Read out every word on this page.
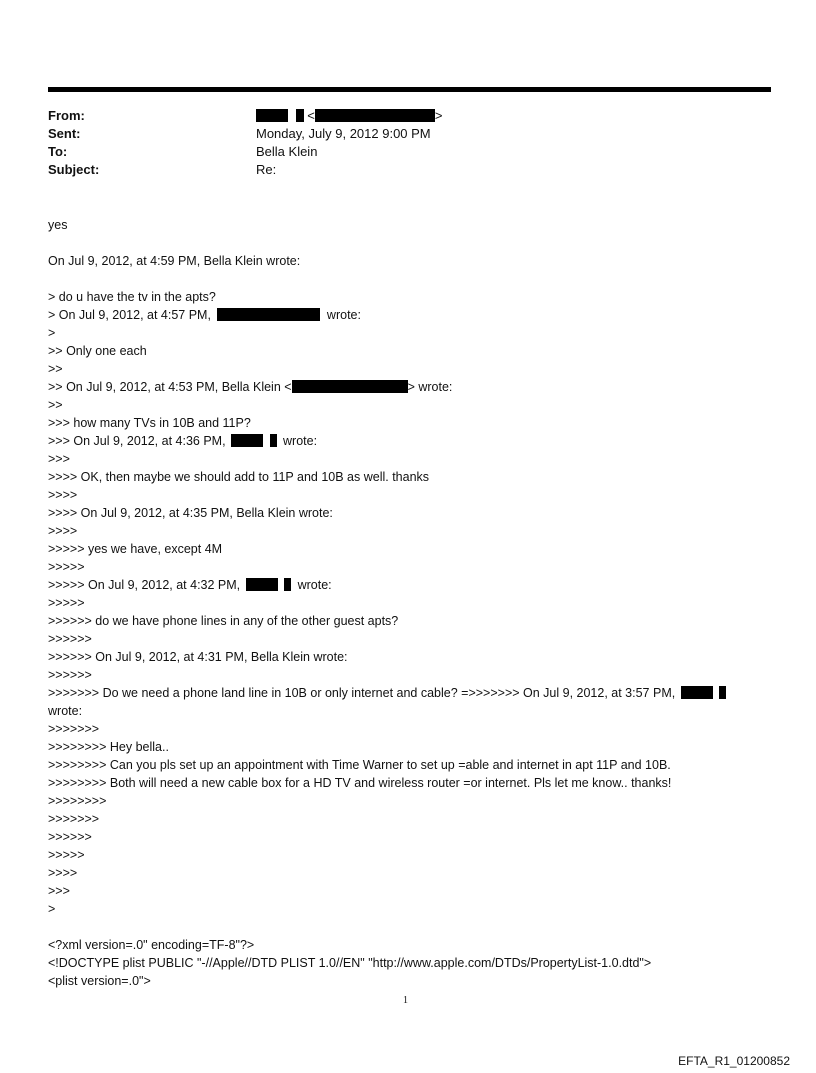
From:	<	>
Sent:	Monday, July 9, 2012 9:00 PM
To:	Bella Klein
Subject:	Re:
yes
On Jul 9, 2012, at 4:59 PM, Bella Klein wrote:
> do u have the tv in the apts?
> On Jul 9, 2012, at 4:57 PM,	wrote:
>
>> Only one each
>>
>> On Jul 9, 2012, at 4:53 PM, Bella Klein <	> wrote:
>>
>>> how many TVs in 10B and 11P?
>>> On Jul 9, 2012, at 4:36 PM,	wrote:
>>>
>>>> OK, then maybe we should add to 11P and 10B as well. thanks
>>>>
>>>> On Jul 9, 2012, at 4:35 PM, Bella Klein wrote:
>>>>
>>>>> yes we have, except 4M
>>>>>
>>>>> On Jul 9, 2012, at 4:32 PM,	wrote:
>>>>>
>>>>>> do we have phone lines in any of the other guest apts?
>>>>>>
>>>>>> On Jul 9, 2012, at 4:31 PM, Bella Klein wrote:
>>>>>>
>>>>>>> Do we need a phone land line in 10B or only internet and cable? =>>>>>>> On Jul 9, 2012, at 3:57 PM,
wrote:
>>>>>>>
>>>>>>>> Hey bella..
>>>>>>>> Can you pls set up an appointment with Time Warner to set up =able and internet in apt 11P and 10B.
>>>>>>>> Both will need a new cable box for a HD TV and wireless router =or internet. Pls let me know.. thanks!
>>>>>>>>
>>>>>>>
>>>>>>
>>>>>
>>>>
>>>
>
<?xml version=.0" encoding=TF-8"?>
<!DOCTYPE plist PUBLIC "-//Apple//DTD PLIST 1.0//EN" "http://www.apple.com/DTDs/PropertyList-1.0.dtd">
<plist version=.0">
1
EFTA_R1_01200852
